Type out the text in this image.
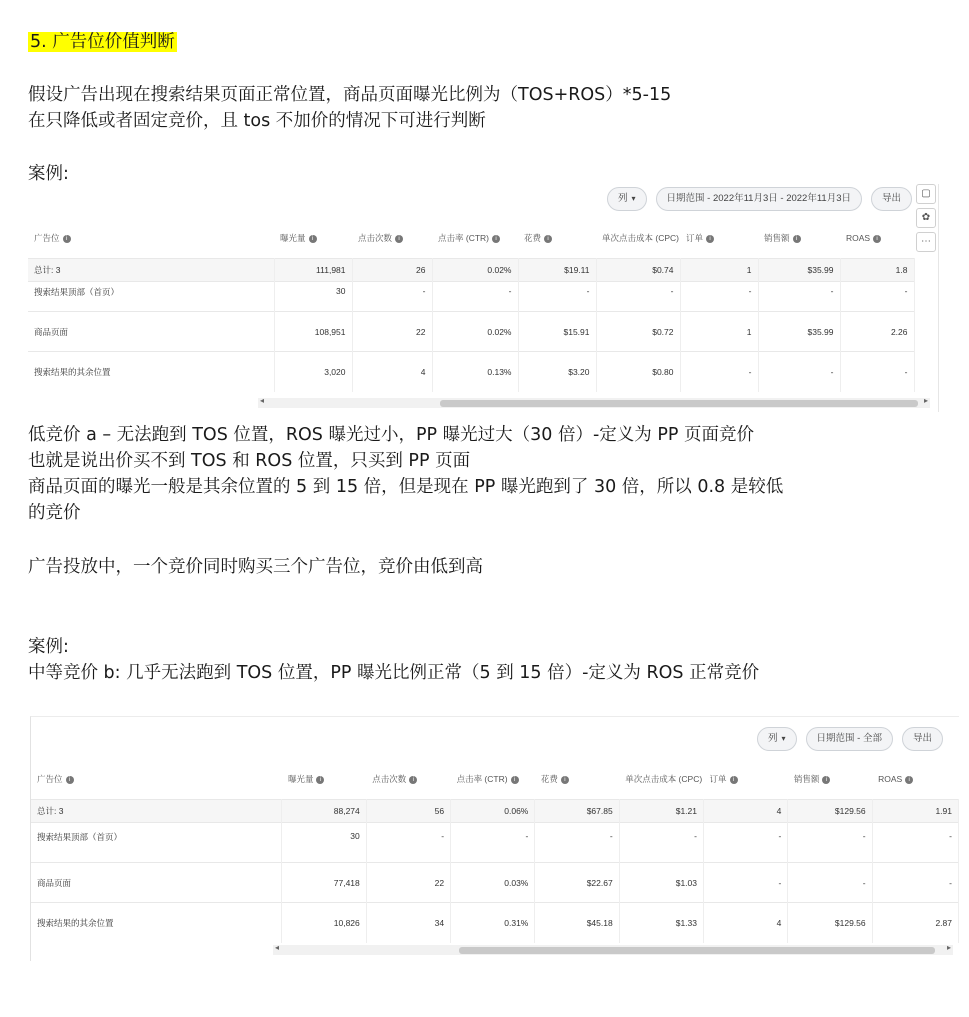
5. 广告位价值判断
假设广告出现在搜索结果页面正常位置，商品页面曝光比例为（TOS+ROS）*5-15
在只降低或者固定竞价，且 tos 不加价的情况下可进行判断
案例:
列 ▾	日期范围 - 2022年11月3日 - 2022年11月3日	导出	▢
✿
⋯
广告位 i	曝光量 i	点击次数 i	点击率 (CTR) i	花费 i	单次点击成本 (CPC)	订单 i	销售额 i	ROAS i
总计: 3	111,981	26	0.02%	$19.11	$0.74	1	$35.99	1.8
搜索结果顶部（首页）	30	-	-	-	-	-	-	-
商品页面	108,951	22	0.02%	$15.91	$0.72	1	$35.99	2.26
搜索结果的其余位置	3,020	4	0.13%	$3.20	$0.80	-	-	-
◂	▸
低竞价 a – 无法跑到 TOS 位置，ROS 曝光过小，PP 曝光过大（30 倍）-定义为 PP 页面竞价
也就是说出价买不到 TOS 和 ROS 位置，只买到 PP 页面
商品页面的曝光一般是其余位置的 5 到 15 倍，但是现在 PP 曝光跑到了 30 倍，所以 0.8 是较低
的竞价
广告投放中，一个竞价同时购买三个广告位，竞价由低到高
案例:
中等竞价 b: 几乎无法跑到 TOS 位置，PP 曝光比例正常（5 到 15 倍）-定义为 ROS 正常竞价
列 ▾	日期范围 - 全部	导出
广告位 i	曝光量 i	点击次数 i	点击率 (CTR) i	花费 i	单次点击成本 (CPC)	订单 i	销售额 i	ROAS i
总计: 3	88,274	56	0.06%	$67.85	$1.21	4	$129.56	1.91
搜索结果顶部（首页）	30	-	-	-	-	-	-	-
商品页面	77,418	22	0.03%	$22.67	$1.03	-	-	-
搜索结果的其余位置	10,826	34	0.31%	$45.18	$1.33	4	$129.56	2.87
◂	▸
